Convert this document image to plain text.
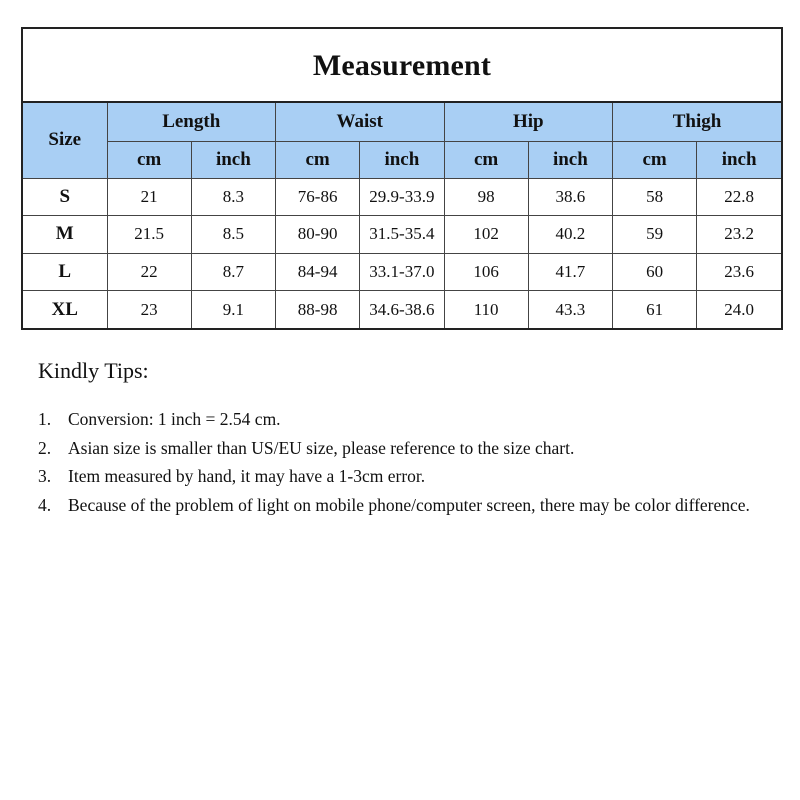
Measurement
Size	Length		Waist		Hip		Thigh	
	cm	inch	cm	inch	cm	inch	cm	inch
S	21	8.3	76-86	29.9-33.9	98	38.6	58	22.8
M	21.5	8.5	80-90	31.5-35.4	102	40.2	59	23.2
L	22	8.7	84-94	33.1-37.0	106	41.7	60	23.6
XL	23	9.1	88-98	34.6-38.6	110	43.3	61	24.0
Kindly Tips:
1. Conversion: 1 inch = 2.54 cm.
2. Asian size is smaller than US/EU size, please reference to the size chart.
3. Item measured by hand, it may have a 1-3cm error.
4. Because of the problem of light on mobile phone/computer screen, there may be color difference.
